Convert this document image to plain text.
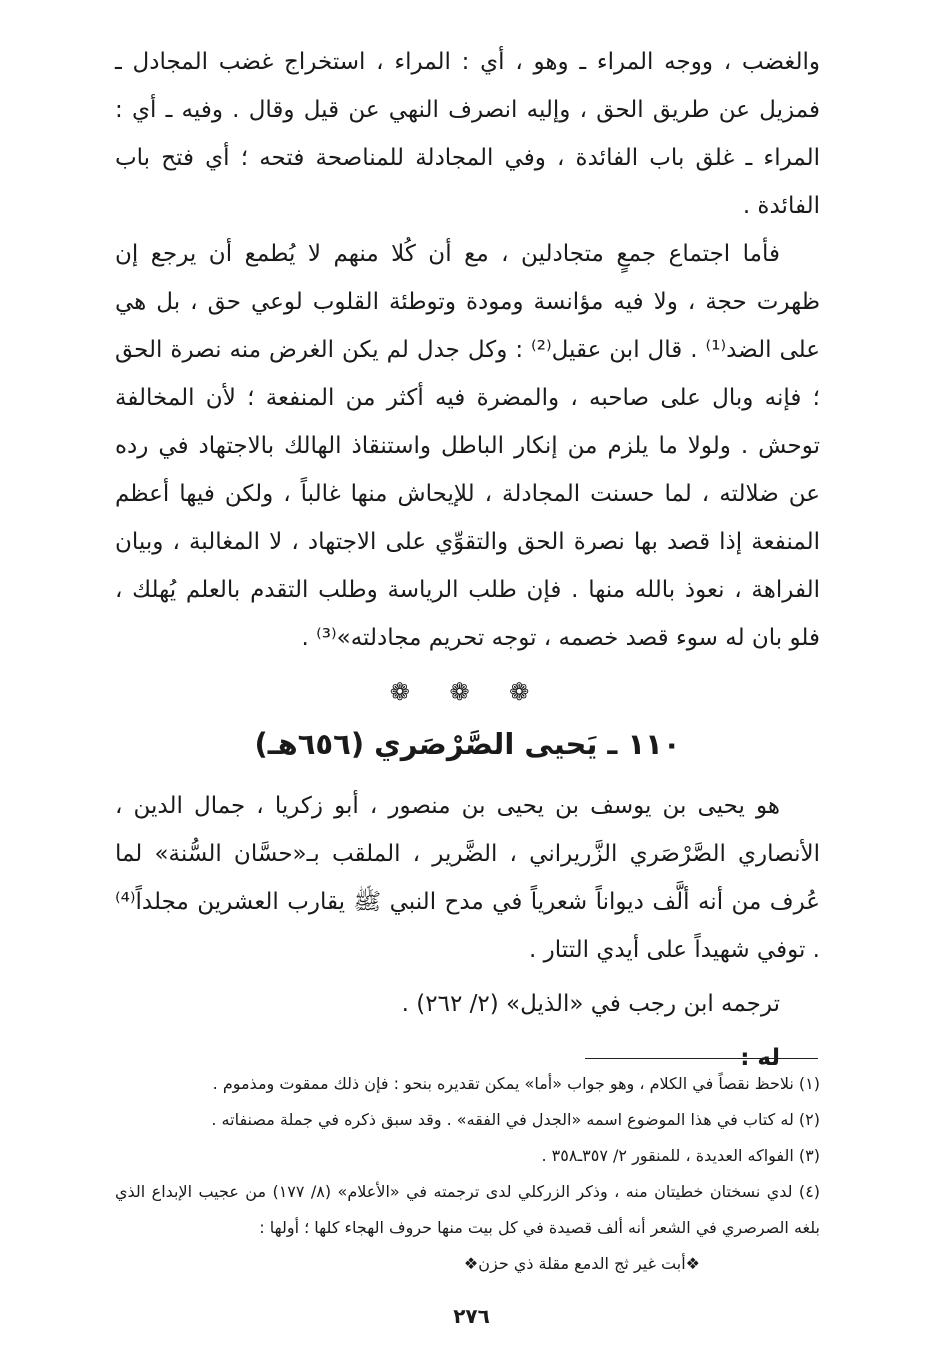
والغضب ، ووجه المراء ـ وهو ، أي : المراء ، استخراج غضب المجادل ـ فمزيل عن طريق الحق ، وإليه انصرف النهي عن قيل وقال . وفيه ـ أي : المراء ـ غلق باب الفائدة ، وفي المجادلة للمناصحة فتحه ؛ أي فتح باب الفائدة .

فأما اجتماع جمعٍ متجادلين ، مع أن كُلا منهم لا يُطمع أن يرجع إن ظهرت حجة ، ولا فيه مؤانسة ومودة وتوطئة القلوب لوعي حق ، بل هي على الضد⁽¹⁾ . قال ابن عقيل⁽²⁾ : وكل جدل لم يكن الغرض منه نصرة الحق ؛ فإنه وبال على صاحبه ، والمضرة فيه أكثر من المنفعة ؛ لأن المخالفة توحش . ولولا ما يلزم من إنكار الباطل واستنقاذ الهالك بالاجتهاد في رده عن ضلالته ، لما حسنت المجادلة ، للإيحاش منها غالباً ، ولكن فيها أعظم المنفعة إذا قصد بها نصرة الحق والتقوِّي على الاجتهاد ، لا المغالبة ، وبيان الفراهة ، نعوذ بالله منها . فإن طلب الرياسة وطلب التقدم بالعلم يُهلك ، فلو بان له سوء قصد خصمه ، توجه تحريم مجادلته»⁽³⁾ .

❁ ❁ ❁
١١٠ ـ يَحيى الصَّرْصَري (٦٥٦هـ)

هو يحيى بن يوسف بن يحيى بن منصور ، أبو زكريا ، جمال الدين ، الأنصاري الصَّرْصَري الزَّريراني ، الضَّرير ، الملقب بـ«حسَّان السُّنة» لما عُرف من أنه ألَّف ديواناً شعرياً في مدح النبي ﷺ يقارب العشرين مجلداً⁽⁴⁾ . توفي شهيداً على أيدي التتار .

ترجمه ابن رجب في «الذيل» (٢/ ٢٦٢) .

له :

(١) نلاحظ نقصاً في الكلام ، وهو جواب «أما» يمكن تقديره بنحو : فإن ذلك ممقوت ومذموم .

(٢) له كتاب في هذا الموضوع اسمه «الجدل في الفقه» . وقد سبق ذكره في جملة مصنفاته .

(٣) الفواكه العديدة ، للمنقور ٢/ ٣٥٧ـ٣٥٨ .

(٤) لدي نسختان خطيتان منه ، وذكر الزركلي لدى ترجمته في «الأعلام» (٨/ ١٧٧) من عجيب الإبداع الذي بلغه الصرصري في الشعر أنه ألف قصيدة في كل بيت منها حروف الهجاء كلها ؛ أولها :

❖أبت غير ثج الدمع مقلة ذي حزن❖

٢٧٦
